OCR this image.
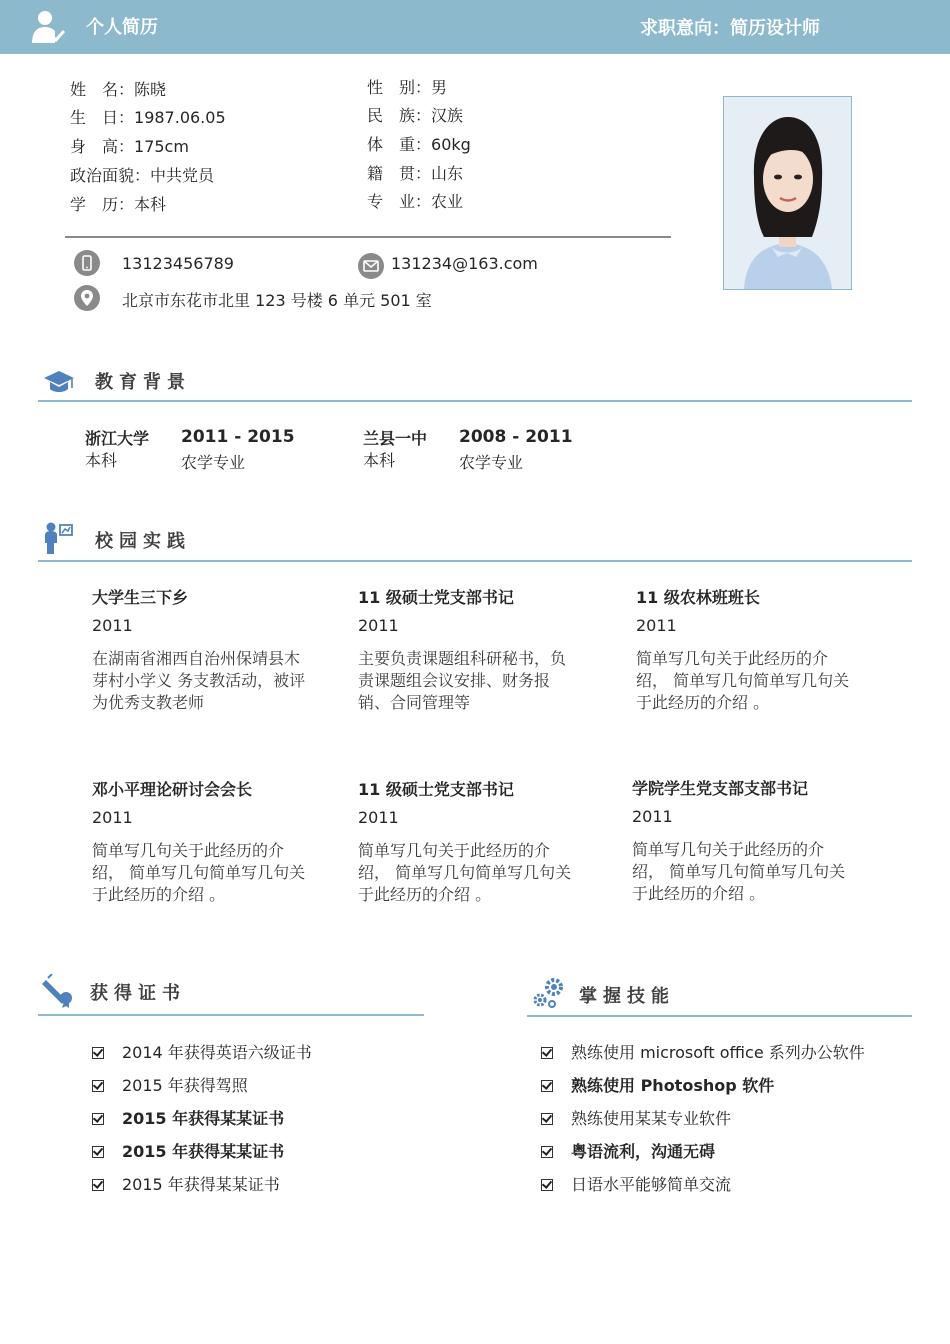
个人简历	求职意向：简历设计师
姓　名：陈晓
生　日：1987.06.05
身　高：175cm
政治面貌：中共党员
学　历：本科
性　别：男
民　族：汉族
体　重：60kg
籍　贯：山东
专　业：农业
13123456789	131234@163.com
北京市东花市北里 123 号楼 6 单元 501 室
教育背景
浙江大学
本科
2011 - 2015
农学专业
兰县一中
本科
2008 - 2011
农学专业
校园实践
大学生三下乡
2011
在湖南省湘西自治州保靖县木芽村小学义 务支教活动，被评为优秀支教老师
11 级硕士党支部书记
2011
主要负责课题组科研秘书，负责课题组会议安排、财务报销、合同管理等
11 级农林班班长
2011
简单写几句关于此经历的介绍， 简单写几句简单写几句关于此经历的介绍 。
邓小平理论研讨会会长
2011
简单写几句关于此经历的介绍， 简单写几句简单写几句关于此经历的介绍 。
11 级硕士党支部书记
2011
简单写几句关于此经历的介绍， 简单写几句简单写几句关于此经历的介绍 。
学院学生党支部支部书记
2011
简单写几句关于此经历的介绍， 简单写几句简单写几句关于此经历的介绍 。
获得证书
2014 年获得英语六级证书
2015 年获得驾照
2015 年获得某某证书
2015 年获得某某证书
2015 年获得某某证书
掌握技能
熟练使用 microsoft office 系列办公软件
熟练使用 Photoshop 软件
熟练使用某某专业软件
粤语流利，沟通无碍
日语水平能够简单交流
